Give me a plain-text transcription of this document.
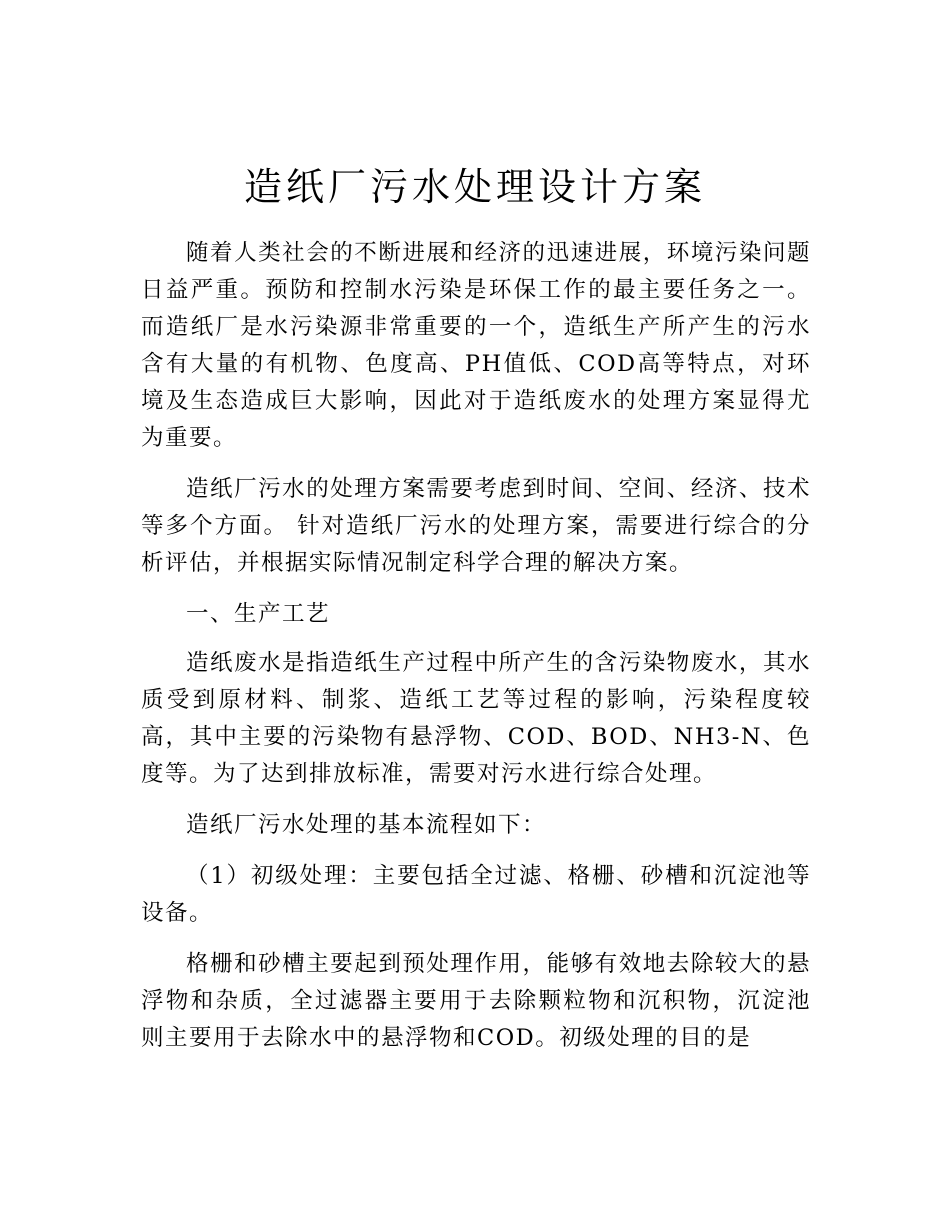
造纸厂污水处理设计方案

随着人类社会的不断进展和经济的迅速进展，环境污染问题日益严重。预防和控制水污染是环保工作的最主要任务之一。而造纸厂是水污染源非常重要的一个，造纸生产所产生的污水含有大量的有机物、色度高、PH值低、COD高等特点，对环境及生态造成巨大影响，因此对于造纸废水的处理方案显得尤为重要。

造纸厂污水的处理方案需要考虑到时间、空间、经济、技术等多个方面。 针对造纸厂污水的处理方案，需要进行综合的分析评估，并根据实际情况制定科学合理的解决方案。

一、生产工艺

造纸废水是指造纸生产过程中所产生的含污染物废水，其水质受到原材料、制浆、造纸工艺等过程的影响，污染程度较高，其中主要的污染物有悬浮物、COD、BOD、NH3-N、色度等。为了达到排放标准，需要对污水进行综合处理。

造纸厂污水处理的基本流程如下：

（1）初级处理：主要包括全过滤、格栅、砂槽和沉淀池等设备。

格栅和砂槽主要起到预处理作用，能够有效地去除较大的悬浮物和杂质，全过滤器主要用于去除颗粒物和沉积物，沉淀池则主要用于去除水中的悬浮物和COD。初级处理的目的是
